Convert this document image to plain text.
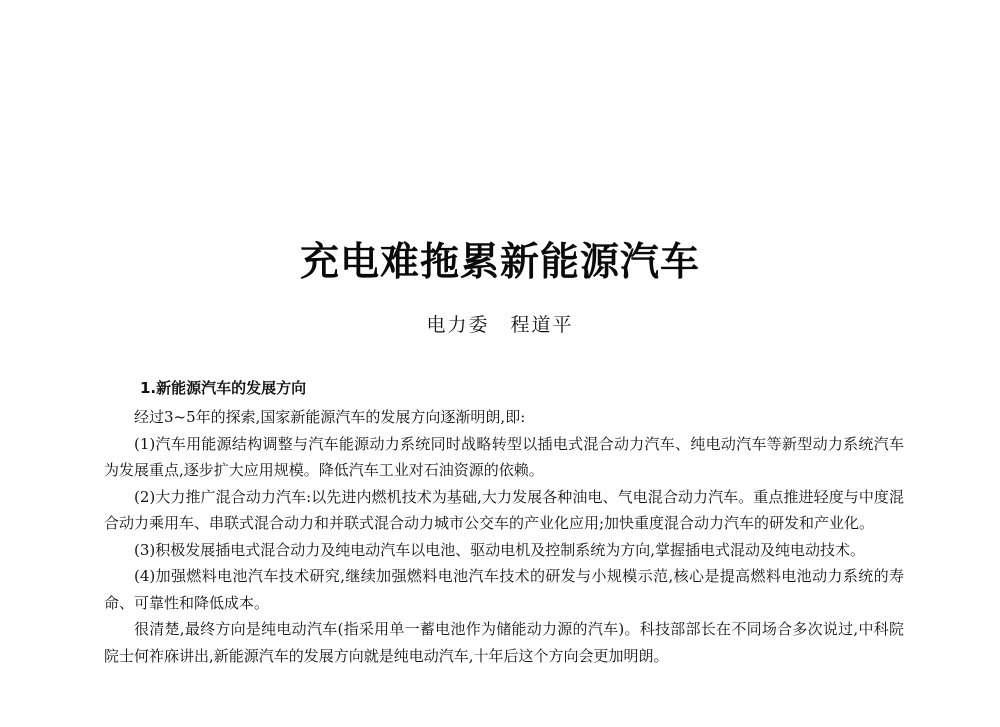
充电难拖累新能源汽车
电力委　程道平
1.新能源汽车的发展方向

经过3~5年的探索,国家新能源汽车的发展方向逐渐明朗,即:

(1)汽车用能源结构调整与汽车能源动力系统同时战略转型以插电式混合动力汽车、纯电动汽车等新型动力系统汽车为发展重点,逐步扩大应用规模。降低汽车工业对石油资源的依赖。

(2)大力推广混合动力汽车:以先进内燃机技术为基础,大力发展各种油电、气电混合动力汽车。重点推进轻度与中度混合动力乘用车、串联式混合动力和并联式混合动力城市公交车的产业化应用;加快重度混合动力汽车的研发和产业化。

(3)积极发展插电式混合动力及纯电动汽车以电池、驱动电机及控制系统为方向,掌握插电式混动及纯电动技术。

(4)加强燃料电池汽车技术研究,继续加强燃料电池汽车技术的研发与小规模示范,核心是提高燃料电池动力系统的寿命、可靠性和降低成本。

很清楚,最终方向是纯电动汽车(指采用单一蓄电池作为储能动力源的汽车)。科技部部长在不同场合多次说过,中科院院士何祚庥讲出,新能源汽车的发展方向就是纯电动汽车,十年后这个方向会更加明朗。
